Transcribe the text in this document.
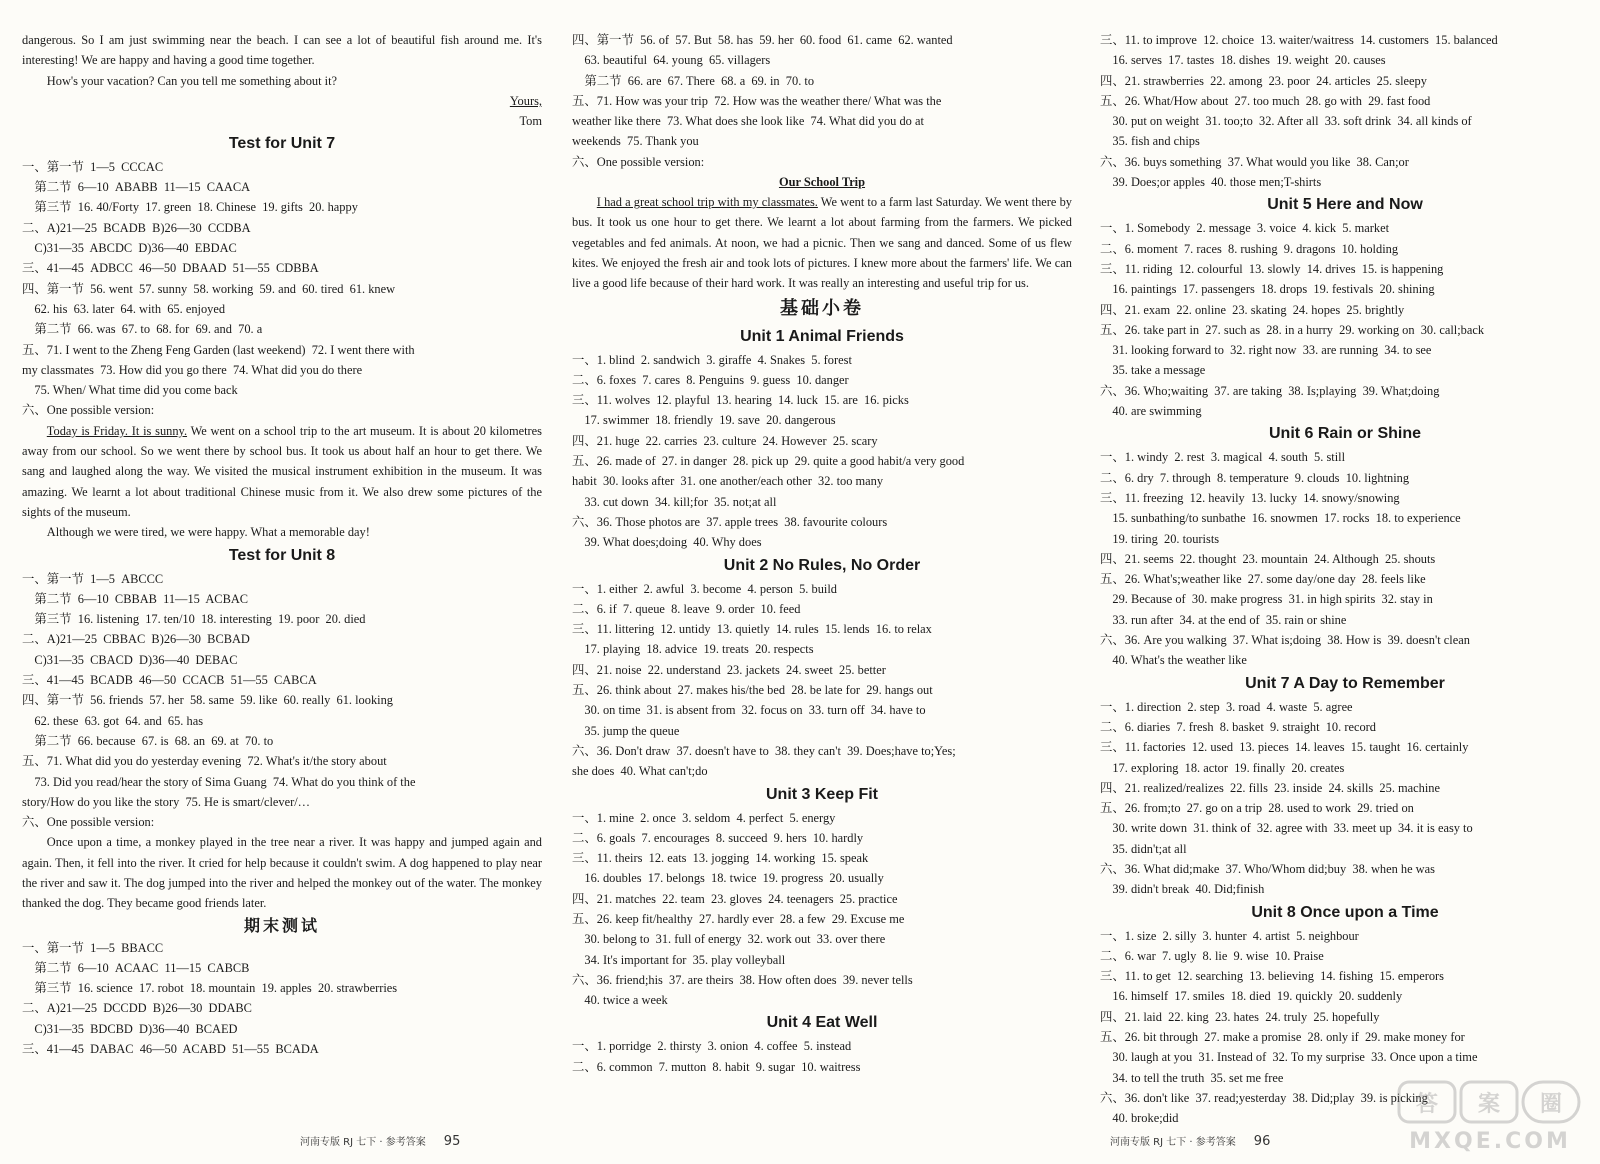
dangerous. So I am just swimming near the beach. I can see a lot of beautiful fish around me. It's interesting! We are happy and having a good time together.
How's your vacation? Can you tell me something about it?
Yours,
Tom
Test for Unit 7
一、第一节  1—5  CCCAC
第二节  6—10  ABABB  11—15  CAACA
第三节  16. 40/Forty  17. green  18. Chinese  19. gifts  20. happy
二、A)21—25  BCADB  B)26—30  CCDBA
C)31—35  ABCDC  D)36—40  EBDAC
三、41—45  ADBCC  46—50  DBAAD  51—55  CDBBA
四、第一节  56. went  57. sunny  58. working  59. and  60. tired  61. knew
62. his  63. later  64. with  65. enjoyed
第二节  66. was  67. to  68. for  69. and  70. a
五、71. I went to the Zheng Feng Garden (last weekend)  72. I went there with
my classmates  73. How did you go there  74. What did you do there
75. When/ What time did you come back
六、One possible version:
Today is Friday. It is sunny. We went on a school trip to the art museum. It is about 20 kilometres away from our school. So we went there by school bus. It took us about half an hour to get there. We sang and laughed along the way. We visited the musical instrument exhibition in the museum. It was amazing. We learnt a lot about traditional Chinese music from it. We also drew some pictures of the sights of the museum.
Although we were tired, we were happy. What a memorable day!
Test for Unit 8
一、第一节  1—5  ABCCC
第二节  6—10  CBBAB  11—15  ACBAC
第三节  16. listening  17. ten/10  18. interesting  19. poor  20. died
二、A)21—25  CBBAC  B)26—30  BCBAD
C)31—35  CBACD  D)36—40  DEBAC
三、41—45  BCADB  46—50  CCACB  51—55  CABCA
四、第一节  56. friends  57. her  58. same  59. like  60. really  61. looking
62. these  63. got  64. and  65. has
第二节  66. because  67. is  68. an  69. at  70. to
五、71. What did you do yesterday evening  72. What's it/the story about
73. Did you read/hear the story of Sima Guang  74. What do you think of the
story/How do you like the story  75. He is smart/clever/…
六、One possible version:
Once upon a time, a monkey played in the tree near a river. It was happy and jumped again and again. Then, it fell into the river. It cried for help because it couldn't swim. A dog happened to play near the river and saw it. The dog jumped into the river and helped the monkey out of the water. The monkey thanked the dog. They became good friends later.
期末测试
一、第一节  1—5  BBACC
第二节  6—10  ACAAC  11—15  CABCB
第三节  16. science  17. robot  18. mountain  19. apples  20. strawberries
二、A)21—25  DCCDD  B)26—30  DDABC
C)31—35  BDCBD  D)36—40  BCAED
三、41—45  DABAC  46—50  ACABD  51—55  BCADA
河南专版 RJ 七下 · 参考答案 95
四、第一节  56. of  57. But  58. has  59. her  60. food  61. came  62. wanted
63. beautiful  64. young  65. villagers
第二节  66. are  67. There  68. a  69. in  70. to
五、71. How was your trip  72. How was the weather there/ What was the
weather like there  73. What does she look like  74. What did you do at
weekends  75. Thank you
六、One possible version:
Our School Trip
I had a great school trip with my classmates. We went to a farm last Saturday. We went there by bus. It took us one hour to get there. We learnt a lot about farming from the farmers. We picked vegetables and fed animals. At noon, we had a picnic. Then we sang and danced. Some of us flew kites. We enjoyed the fresh air and took lots of pictures. I knew more about the farmers' life. We can live a good life because of their hard work. It was really an interesting and useful trip for us.
基础小卷
Unit 1 Animal Friends
一、1. blind  2. sandwich  3. giraffe  4. Snakes  5. forest
二、6. foxes  7. cares  8. Penguins  9. guess  10. danger
三、11. wolves  12. playful  13. hearing  14. luck  15. are  16. picks
17. swimmer  18. friendly  19. save  20. dangerous
四、21. huge  22. carries  23. culture  24. However  25. scary
五、26. made of  27. in danger  28. pick up  29. quite a good habit/a very good
habit  30. looks after  31. one another/each other  32. too many
33. cut down  34. kill;for  35. not;at all
六、36. Those photos are  37. apple trees  38. favourite colours
39. What does;doing  40. Why does
Unit 2 No Rules, No Order
一、1. either  2. awful  3. become  4. person  5. build
二、6. if  7. queue  8. leave  9. order  10. feed
三、11. littering  12. untidy  13. quietly  14. rules  15. lends  16. to relax
17. playing  18. advice  19. treats  20. respects
四、21. noise  22. understand  23. jackets  24. sweet  25. better
五、26. think about  27. makes his/the bed  28. be late for  29. hangs out
30. on time  31. is absent from  32. focus on  33. turn off  34. have to
35. jump the queue
六、36. Don't draw  37. doesn't have to  38. they can't  39. Does;have to;Yes;
she does  40. What can't;do
Unit 3 Keep Fit
一、1. mine  2. once  3. seldom  4. perfect  5. energy
二、6. goals  7. encourages  8. succeed  9. hers  10. hardly
三、11. theirs  12. eats  13. jogging  14. working  15. speak
16. doubles  17. belongs  18. twice  19. progress  20. usually
四、21. matches  22. team  23. gloves  24. teenagers  25. practice
五、26. keep fit/healthy  27. hardly ever  28. a few  29. Excuse me
30. belong to  31. full of energy  32. work out  33. over there
34. It's important for  35. play volleyball
六、36. friend;his  37. are theirs  38. How often does  39. never tells
40. twice a week
Unit 4 Eat Well
一、1. porridge  2. thirsty  3. onion  4. coffee  5. instead
二、6. common  7. mutton  8. habit  9. sugar  10. waitress
三、11. to improve  12. choice  13. waiter/waitress  14. customers  15. balanced
16. serves  17. tastes  18. dishes  19. weight  20. causes
四、21. strawberries  22. among  23. poor  24. articles  25. sleepy
五、26. What/How about  27. too much  28. go with  29. fast food
30. put on weight  31. too;to  32. After all  33. soft drink  34. all kinds of
35. fish and chips
六、36. buys something  37. What would you like  38. Can;or
39. Does;or apples  40. those men;T-shirts
Unit 5 Here and Now
一、1. Somebody  2. message  3. voice  4. kick  5. market
二、6. moment  7. races  8. rushing  9. dragons  10. holding
三、11. riding  12. colourful  13. slowly  14. drives  15. is happening
16. paintings  17. passengers  18. drops  19. festivals  20. shining
四、21. exam  22. online  23. skating  24. hopes  25. brightly
五、26. take part in  27. such as  28. in a hurry  29. working on  30. call;back
31. looking forward to  32. right now  33. are running  34. to see
35. take a message
六、36. Who;waiting  37. are taking  38. Is;playing  39. What;doing
40. are swimming
Unit 6 Rain or Shine
一、1. windy  2. rest  3. magical  4. south  5. still
二、6. dry  7. through  8. temperature  9. clouds  10. lightning
三、11. freezing  12. heavily  13. lucky  14. snowy/snowing
15. sunbathing/to sunbathe  16. snowmen  17. rocks  18. to experience
19. tiring  20. tourists
四、21. seems  22. thought  23. mountain  24. Although  25. shouts
五、26. What's;weather like  27. some day/one day  28. feels like
29. Because of  30. make progress  31. in high spirits  32. stay in
33. run after  34. at the end of  35. rain or shine
六、36. Are you walking  37. What is;doing  38. How is  39. doesn't clean
40. What's the weather like
Unit 7 A Day to Remember
一、1. direction  2. step  3. road  4. waste  5. agree
二、6. diaries  7. fresh  8. basket  9. straight  10. record
三、11. factories  12. used  13. pieces  14. leaves  15. taught  16. certainly
17. exploring  18. actor  19. finally  20. creates
四、21. realized/realizes  22. fills  23. inside  24. skills  25. machine
五、26. from;to  27. go on a trip  28. used to work  29. tried on
30. write down  31. think of  32. agree with  33. meet up  34. it is easy to
35. didn't;at all
六、36. What did;make  37. Who/Whom did;buy  38. when he was
39. didn't break  40. Did;finish
Unit 8 Once upon a Time
一、1. size  2. silly  3. hunter  4. artist  5. neighbour
二、6. war  7. ugly  8. lie  9. wise  10. Praise
三、11. to get  12. searching  13. believing  14. fishing  15. emperors
16. himself  17. smiles  18. died  19. quickly  20. suddenly
四、21. laid  22. king  23. hates  24. truly  25. hopefully
五、26. bit through  27. make a promise  28. only if  29. make money for
30. laugh at you  31. Instead of  32. To my surprise  33. Once upon a time
34. to tell the truth  35. set me free
六、36. don't like  37. read;yesterday  38. Did;play  39. is picking
40. broke;did
河南专版 RJ 七下 · 参考答案 96
答 案 圈
MXQE.COM
